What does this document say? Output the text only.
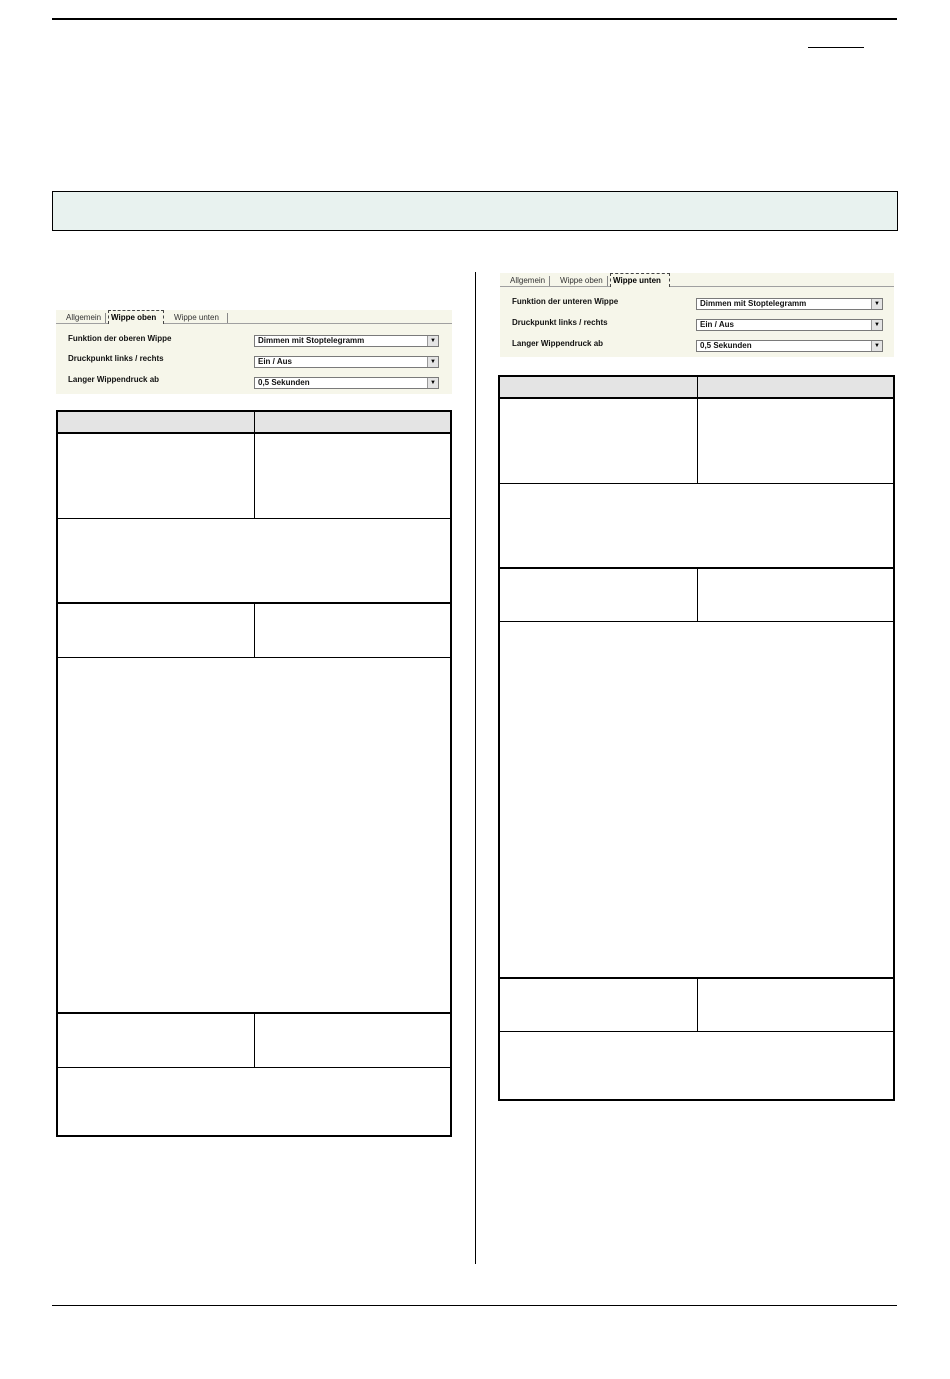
Allgemein	Wippe oben	Wippe unten
Funktion der oberen Wippe	Dimmen mit Stoptelegramm	▼
Druckpunkt links / rechts	Ein / Aus	▼
Langer Wippendruck ab	0,5 Sekunden	▼
Allgemein	Wippe oben	Wippe unten
Funktion der unteren Wippe	Dimmen mit Stoptelegramm	▼
Druckpunkt links / rechts	Ein / Aus	▼
Langer Wippendruck ab	0,5 Sekunden	▼
